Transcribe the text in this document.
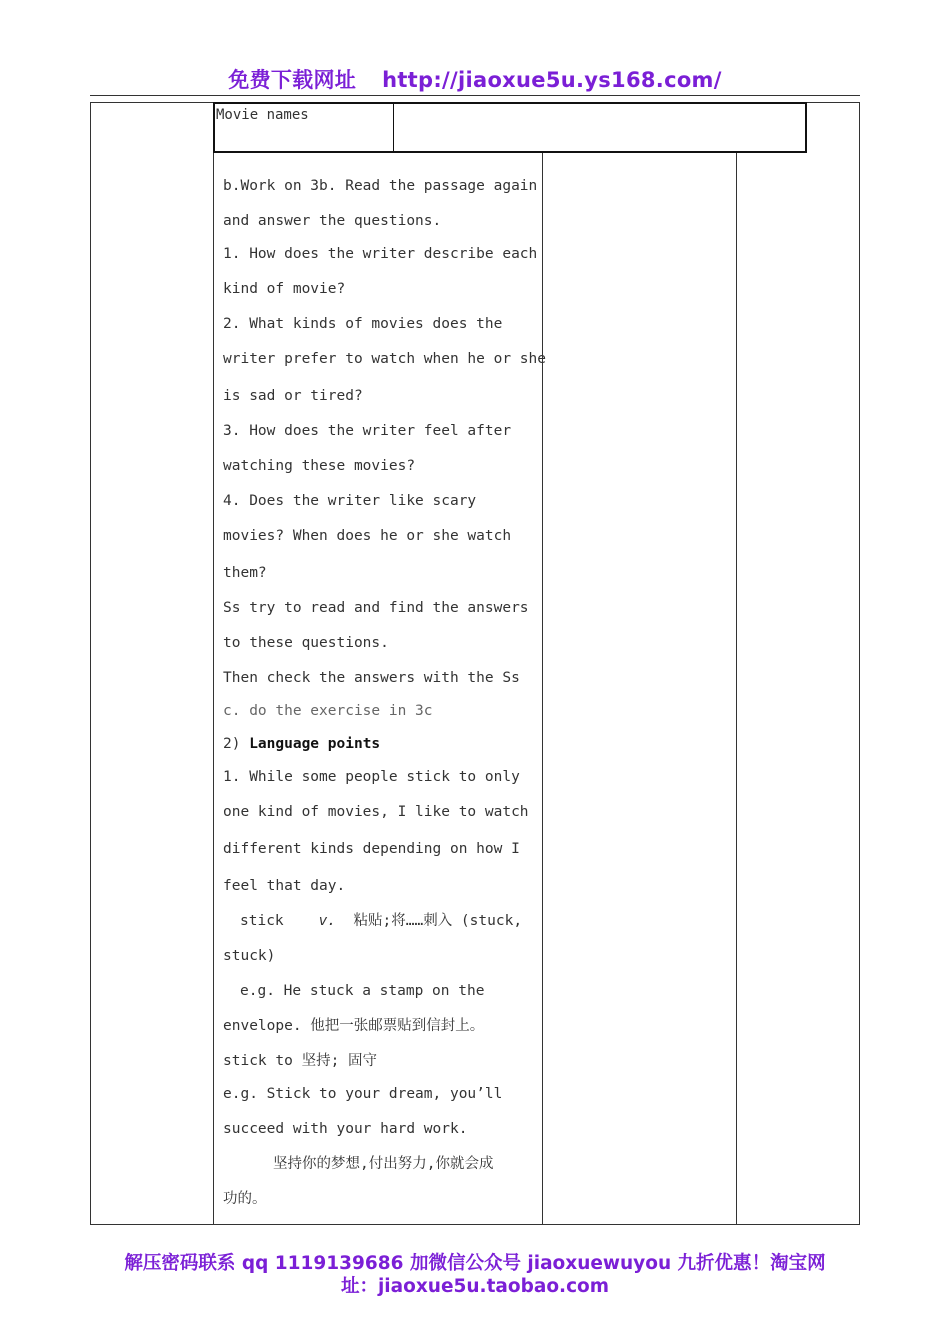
免费下载网址 http://jiaoxue5u.ys168.com/
Movie names
b.Work on 3b. Read the passage again
and answer the questions.
1. How does the writer describe each
kind of movie?
2. What kinds of movies does the
writer prefer to watch when he or she
is sad or tired?
3. How does the writer feel after
watching these movies?
4. Does the writer like scary
movies? When does he or she watch
them?
Ss try to read and find the answers
to these questions.
Then check the answers with the Ss
c. do the exercise in 3c
2) Language points
1. While some people stick to only
one kind of movies, I like to watch
different kinds depending on how I
feel that day.
stick v. 粘贴;将……刺入 (stuck,
stuck)
e.g. He stuck a stamp on the
envelope. 他把一张邮票贴到信封上。
stick to 坚持; 固守
e.g. Stick to your dream, you’ll
succeed with your hard work.
坚持你的梦想,付出努力,你就会成
功的。
解压密码联系 qq 1119139686 加微信公众号 jiaoxuewuyou 九折优惠！淘宝网
址：jiaoxue5u.taobao.com
